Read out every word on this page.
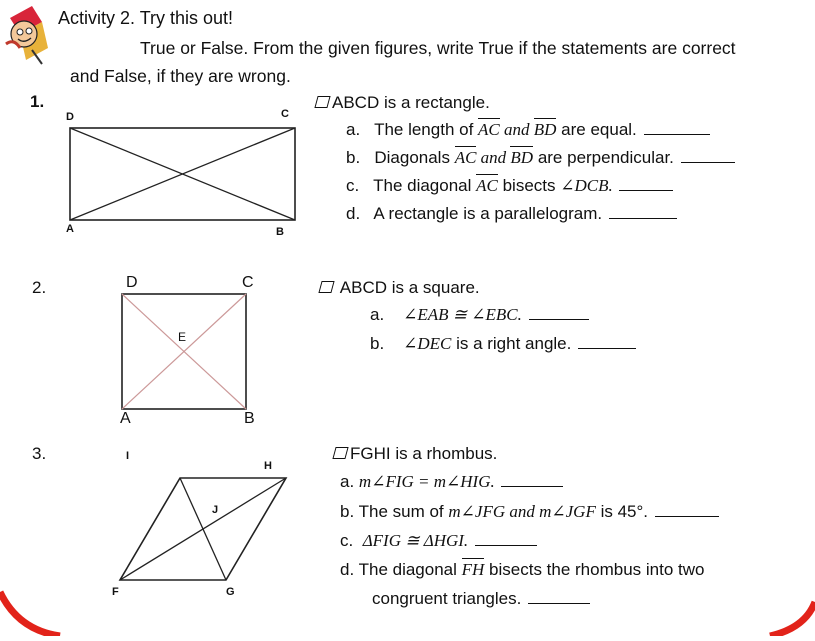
Activity 2. Try this out!
True or False. From the given figures, write True if the statements are correct
and False, if they are wrong.
1.
D	C
A	B
ABCD is a rectangle.
a. The length of AC and BD are equal.
b. Diagonals AC and BD are perpendicular.
c. The diagonal AC bisects ∠DCB.
d. A rectangle is a parallelogram.
2.	D	C
E
A	B
ABCD is a square.
a. ∠EAB ≅ ∠EBC.
b. ∠DEC is a right angle.
3.	I
H
J
F	G
FGHI is a rhombus.
a. m∠FIG = m∠HIG.
b. The sum of m∠JFG and m∠JGF is 45°.
c. ΔFIG ≅ ΔHGI.
d. The diagonal FH bisects the rhombus into two
congruent triangles.
